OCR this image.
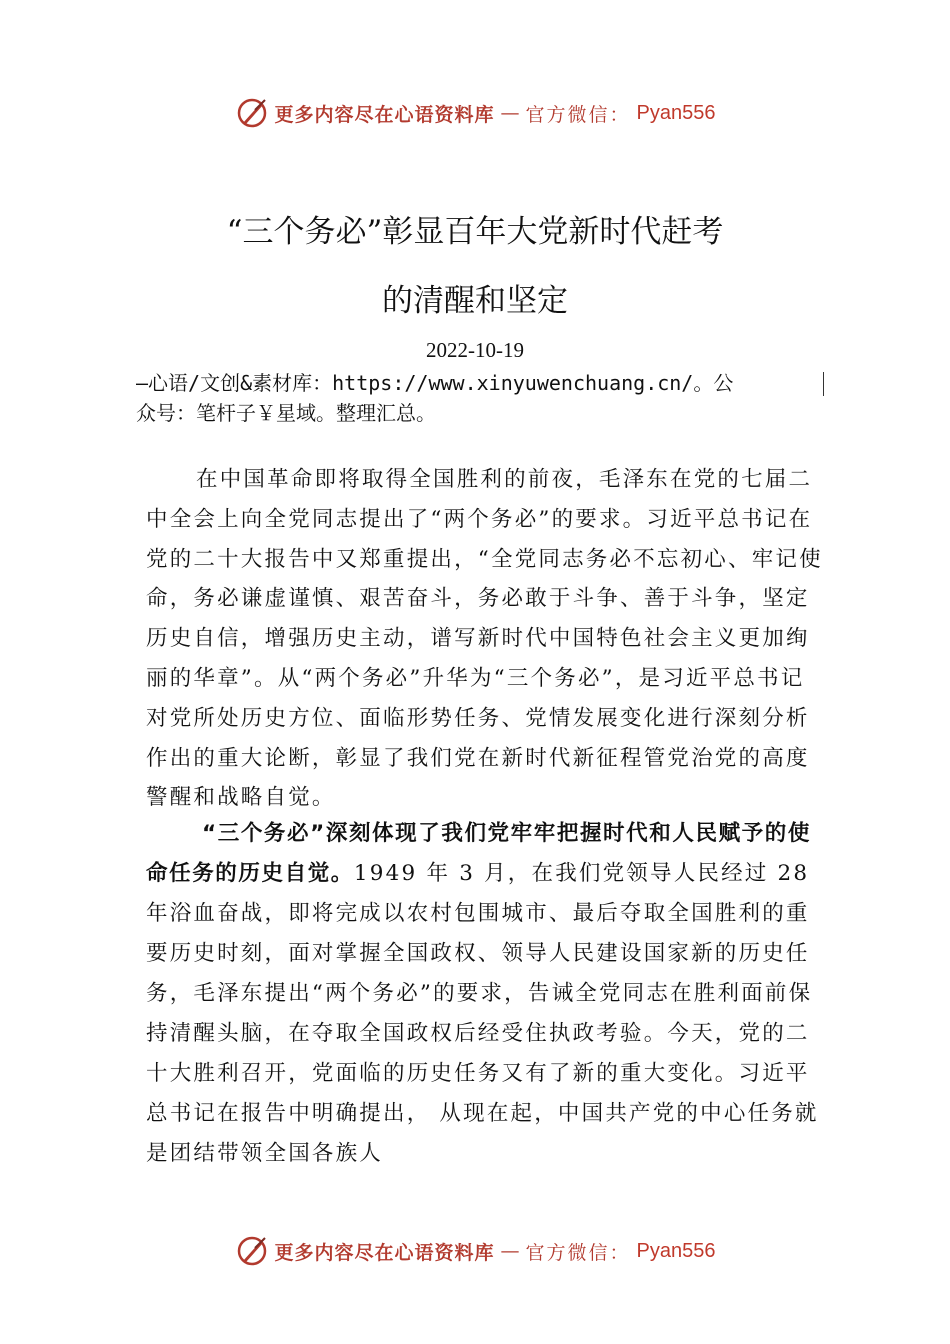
更多内容尽在心语资料库 — 官方微信： Pyan556
“三个务必”彰显百年大党新时代赶考
的清醒和坚定
2022-10-19
—心语/文创&素材库：https://www.xinyuwenchuang.cn/。公
众号：笔杆子￥星域。整理汇总。
在中国革命即将取得全国胜利的前夜，毛泽东在党的七届二中全会上向全党同志提出了“两个务必”的要求。习近平总书记在党的二十大报告中又郑重提出，“全党同志务必不忘初心、牢记使命，务必谦虚谨慎、艰苦奋斗，务必敢于斗争、善于斗争，坚定历史自信，增强历史主动，谱写新时代中国特色社会主义更加绚丽的华章”。从“两个务必”升华为“三个务必”，是习近平总书记对党所处历史方位、面临形势任务、党情发展变化进行深刻分析作出的重大论断，彰显了我们党在新时代新征程管党治党的高度警醒和战略自觉。
“三个务必”深刻体现了我们党牢牢把握时代和人民赋予的使命任务的历史自觉。1949 年 3 月，在我们党领导人民经过 28 年浴血奋战，即将完成以农村包围城市、最后夺取全国胜利的重要历史时刻，面对掌握全国政权、领导人民建设国家新的历史任务，毛泽东提出“两个务必”的要求，告诫全党同志在胜利面前保持清醒头脑，在夺取全国政权后经受住执政考验。今天，党的二十大胜利召开，党面临的历史任务又有了新的重大变化。习近平总书记在报告中明确提出， 从现在起，中国共产党的中心任务就是团结带领全国各族人
更多内容尽在心语资料库 — 官方微信： Pyan556
